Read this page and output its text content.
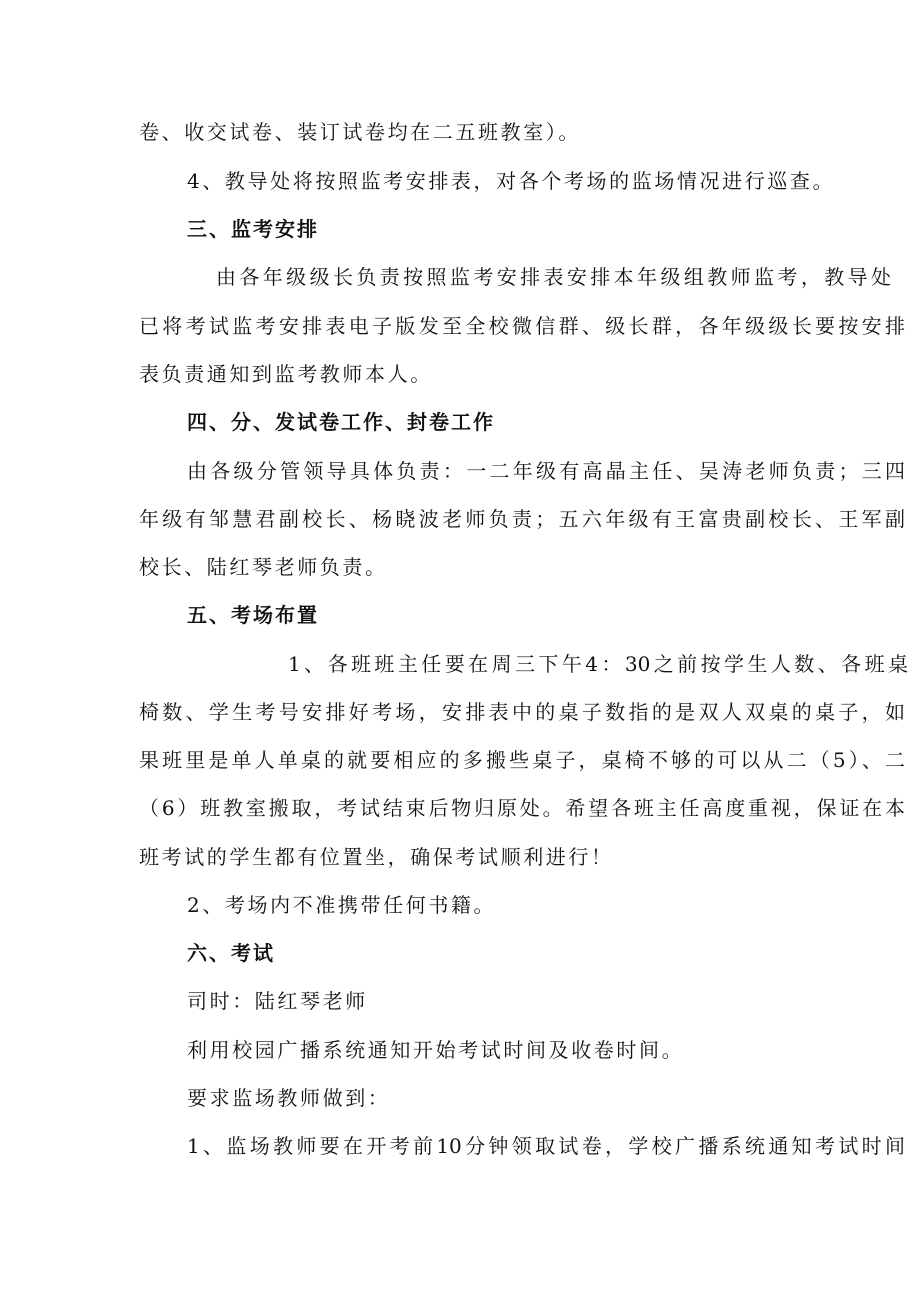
卷、收交试卷、装订试卷均在二五班教室）。
4、教导处将按照监考安排表，对各个考场的监场情况进行巡查。
三、监考安排
由各年级级长负责按照监考安排表安排本年级组教师监考，教导处
已将考试监考安排表电子版发至全校微信群、级长群，各年级级长要按安排
表负责通知到监考教师本人。
四、分、发试卷工作、封卷工作
由各级分管领导具体负责：一二年级有高晶主任、吴涛老师负责；三四
年级有邹慧君副校长、杨晓波老师负责；五六年级有王富贵副校长、王军副
校长、陆红琴老师负责。
五、考场布置
1、各班班主任要在周三下午4：30之前按学生人数、各班桌
椅数、学生考号安排好考场，安排表中的桌子数指的是双人双桌的桌子，如
果班里是单人单桌的就要相应的多搬些桌子，桌椅不够的可以从二（5）、二
（6）班教室搬取，考试结束后物归原处。希望各班主任高度重视，保证在本
班考试的学生都有位置坐，确保考试顺利进行！
2、考场内不准携带任何书籍。
六、考试
司时：陆红琴老师
利用校园广播系统通知开始考试时间及收卷时间。
要求监场教师做到：
1、监场教师要在开考前10分钟领取试卷，学校广播系统通知考试时间
